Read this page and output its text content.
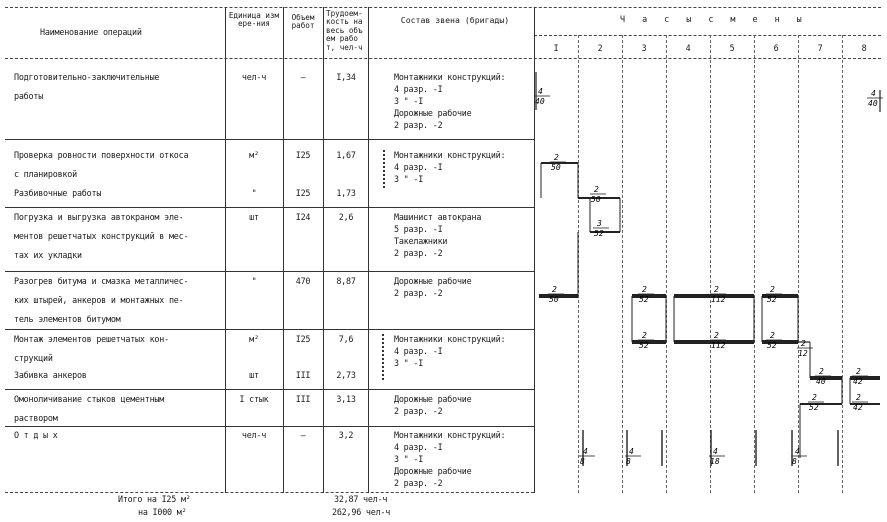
Наименование операций
Единица измере-ния
Объем работ
Трудоем-кость на весь объем работ, чел-ч
Состав звена (бригады)	Ч а с ы с м е н ы
I	2	3	4	5	6	7	8
Подготовительно-заключительные
работы
чел-ч	–	I,34	Монтажники конструкций:
4 разр. -I
3 " -I
Дорожные рабочие
2 разр. -2
Проверка ровности поверхности откоса
с планировкой
м²	I25	1,67	Монтажники конструкций:
4 разр. -I
3 " -I
Разбивочные работы	"	I25	1,73
Погрузка и выгрузка автокраном эле-
ментов решетчатых конструкций в мес-
тах их укладки
шт	I24	2,6	Машинист автокрана
5 разр. -I
Такелажники
2 разр. -2
Разогрев битума и смазка металличес-
ких штырей, анкеров и монтажных пе-
тель элементов битумом
"	470	8,87	Дорожные рабочие
2 разр. -2
Монтаж элементов решетчатых кон-
струкций
м²	I25	7,6	Монтажники конструкций:
4 разр. -I
3 " -I
Забивка анкеров	шт	III	2,73
Омоноличивание стыков цементным
раствором
I стык	III	3,13	Дорожные рабочие
2 разр. -2
О т д ы х	чел-ч	–	3,2	Монтажники конструкций:
4 разр. -I
3 " -I
Дорожные рабочие
2 разр. -2
Итого на I25 м²
на I000 м²
32,87 чел-ч
262,96 чел-ч
4
40
4
40
2
50
2
50
3
52
2
50
2
52
2
112
2
52
2
52
2
112
2
52	2
12
2
40
2
42
2
52
2
42
4
8
4
8
4
18
4
8
